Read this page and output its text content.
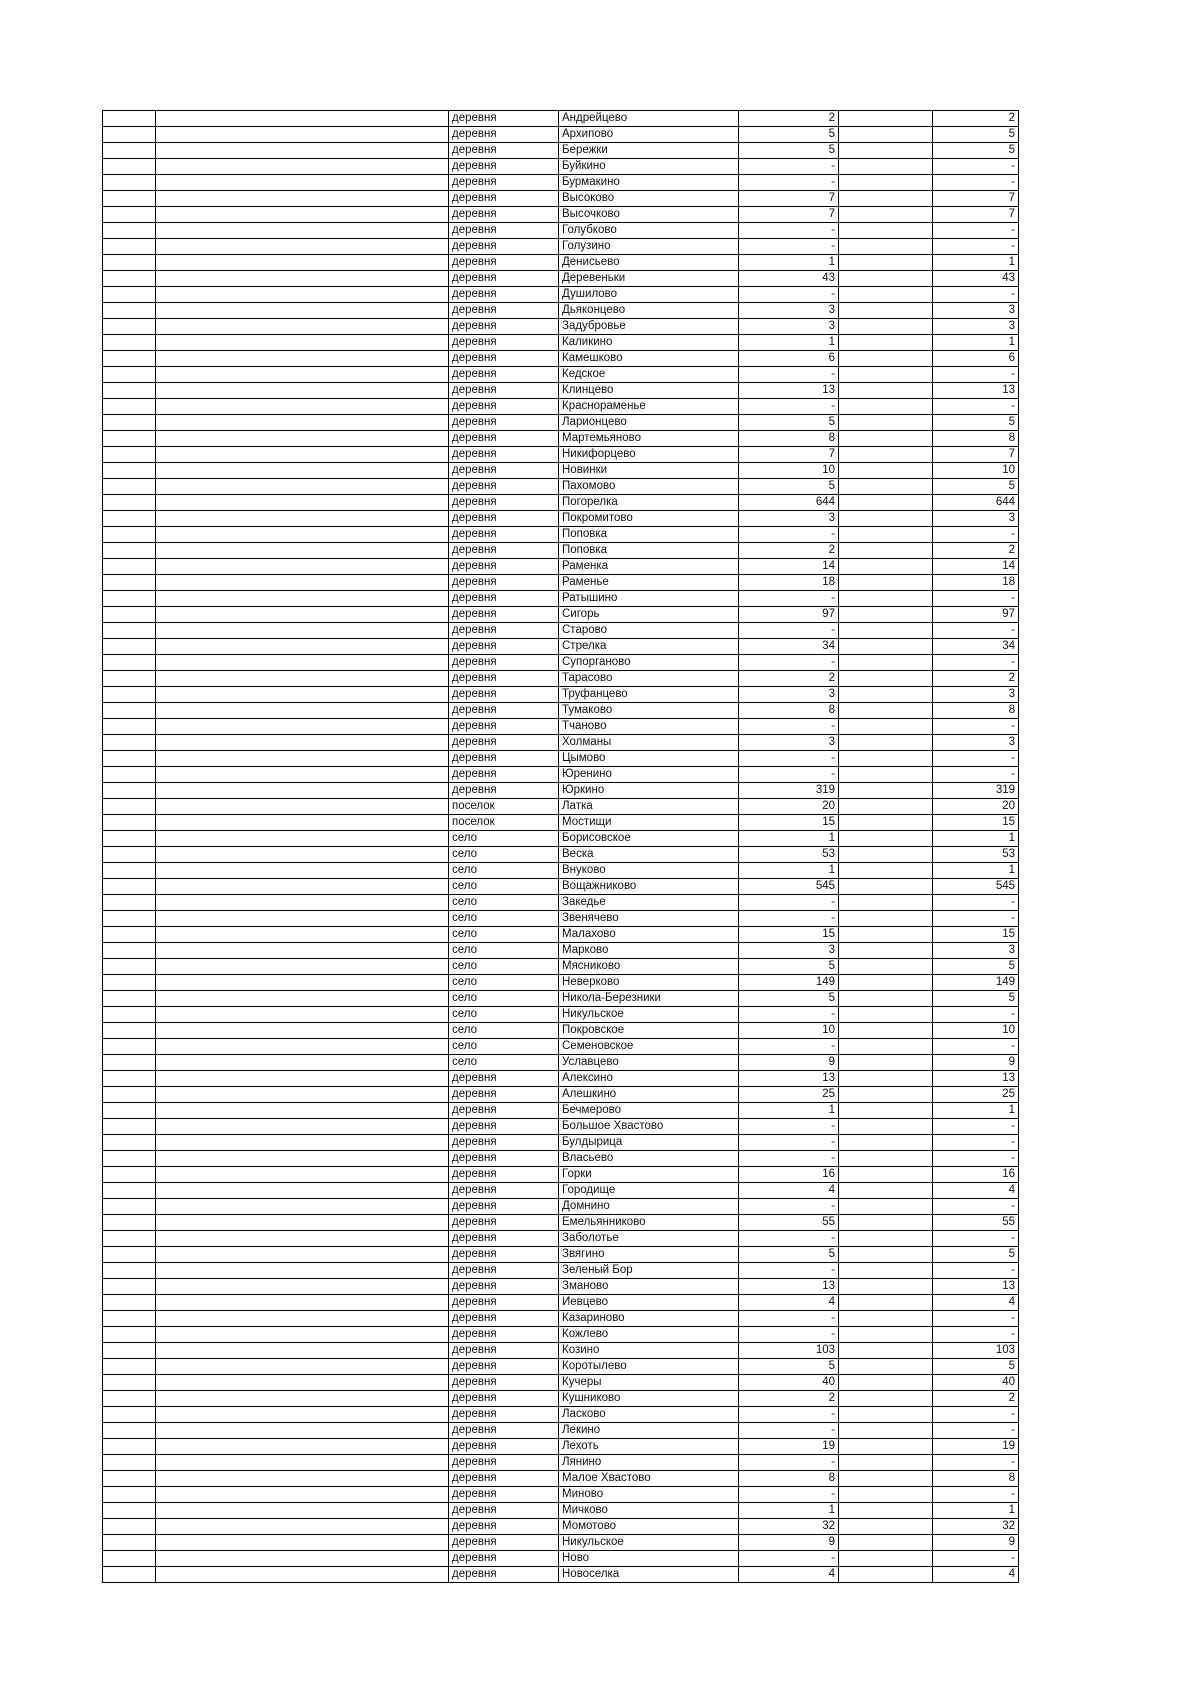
		деревня	Андрейцево	2		2
		деревня	Архипово	5		5
		деревня	Бережки	5		5
		деревня	Буйкино	-		-
		деревня	Бурмакино	-		-
		деревня	Высоково	7		7
		деревня	Высочково	7		7
		деревня	Голубково	-		-
		деревня	Голузино	-		-
		деревня	Денисьево	1		1
		деревня	Деревеньки	43		43
		деревня	Душилово	-		-
		деревня	Дьяконцево	3		3
		деревня	Задубровье	3		3
		деревня	Каликино	1		1
		деревня	Камешково	6		6
		деревня	Кедское	-		-
		деревня	Клинцево	13		13
		деревня	Краснораменье	-		-
		деревня	Ларионцево	5		5
		деревня	Мартемьяново	8		8
		деревня	Никифорцево	7		7
		деревня	Новинки	10		10
		деревня	Пахомово	5		5
		деревня	Погорелка	644		644
		деревня	Покромитово	3		3
		деревня	Поповка	-		-
		деревня	Поповка	2		2
		деревня	Раменка	14		14
		деревня	Раменье	18		18
		деревня	Ратышино	-		-
		деревня	Сигорь	97		97
		деревня	Старово	-		-
		деревня	Стрелка	34		34
		деревня	Супорганово	-		-
		деревня	Тарасово	2		2
		деревня	Труфанцево	3		3
		деревня	Тумаково	8		8
		деревня	Тчаново	-		-
		деревня	Холманы	3		3
		деревня	Цымово	-		-
		деревня	Юренино	-		-
		деревня	Юркино	319		319
		поселок	Латка	20		20
		поселок	Мостищи	15		15
		село	Борисовское	1		1
		село	Веска	53		53
		село	Внуково	1		1
		село	Вощажниково	545		545
		село	Закедье	-		-
		село	Звенячево	-		-
		село	Малахово	15		15
		село	Марково	3		3
		село	Мясниково	5		5
		село	Неверково	149		149
		село	Никола-Березники	5		5
		село	Никульское	-		-
		село	Покровское	10		10
		село	Семеновское	-		-
		село	Уславцево	9		9
		деревня	Алексино	13		13
		деревня	Алешкино	25		25
		деревня	Бечмерово	1		1
		деревня	Большое Хвастово	-		-
		деревня	Булдырица	-		-
		деревня	Власьево	-		-
		деревня	Горки	16		16
		деревня	Городище	4		4
		деревня	Домнино	-		-
		деревня	Емельянниково	55		55
		деревня	Заболотье	-		-
		деревня	Звягино	5		5
		деревня	Зеленый Бор	-		-
		деревня	Зманово	13		13
		деревня	Иевцево	4		4
		деревня	Казариново	-		-
		деревня	Кожлево	-		-
		деревня	Козино	103		103
		деревня	Коротылево	5		5
		деревня	Кучеры	40		40
		деревня	Кушниково	2		2
		деревня	Ласково	-		-
		деревня	Лекино	-		-
		деревня	Лехоть	19		19
		деревня	Лянино	-		-
		деревня	Малое Хвастово	8		8
		деревня	Миново	-		-
		деревня	Мичково	1		1
		деревня	Момотово	32		32
		деревня	Никульское	9		9
		деревня	Ново	-		-
		деревня	Новоселка	4		4
